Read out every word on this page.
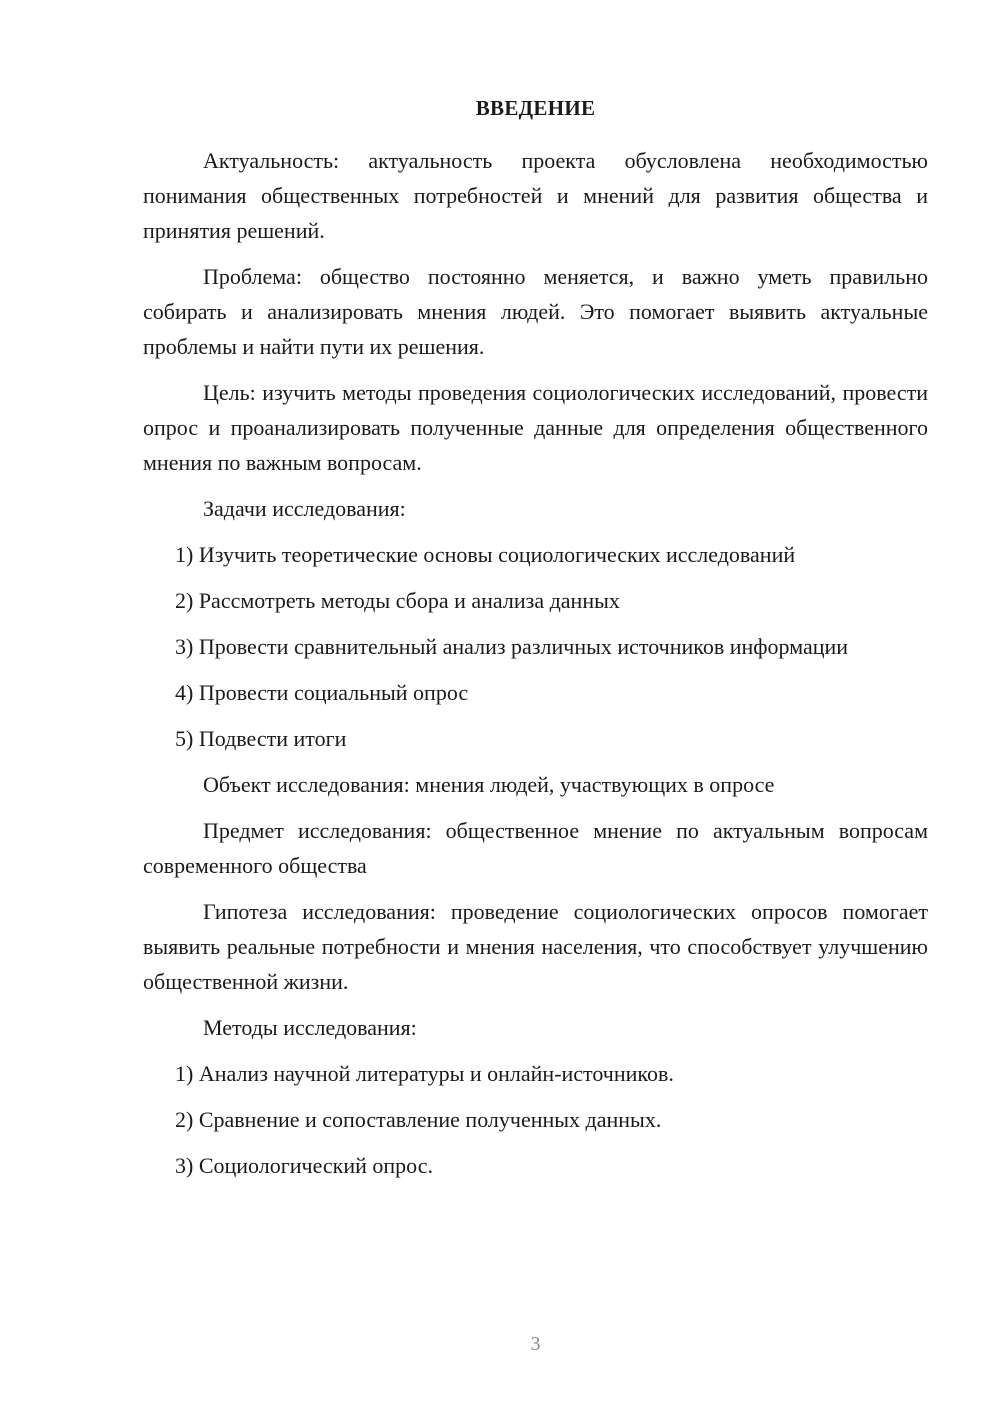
ВВЕДЕНИЕ

Актуальность: актуальность проекта обусловлена необходимостью понимания общественных потребностей и мнений для развития общества и принятия решений.

Проблема: общество постоянно меняется, и важно уметь правильно собирать и анализировать мнения людей. Это помогает выявить актуальные проблемы и найти пути их решения.

Цель: изучить методы проведения социологических исследований, провести опрос и проанализировать полученные данные для определения общественного мнения по важным вопросам.

Задачи исследования:

1) Изучить теоретические основы социологических исследований

2) Рассмотреть методы сбора и анализа данных

3) Провести сравнительный анализ различных источников информации

4) Провести социальный опрос

5) Подвести итоги

Объект исследования: мнения людей, участвующих в опросе

Предмет исследования: общественное мнение по актуальным вопросам современного общества

Гипотеза исследования: проведение социологических опросов помогает выявить реальные потребности и мнения населения, что способствует улучшению общественной жизни.

Методы исследования:

1) Анализ научной литературы и онлайн-источников.

2) Сравнение и сопоставление полученных данных.

3) Социологический опрос.

3
